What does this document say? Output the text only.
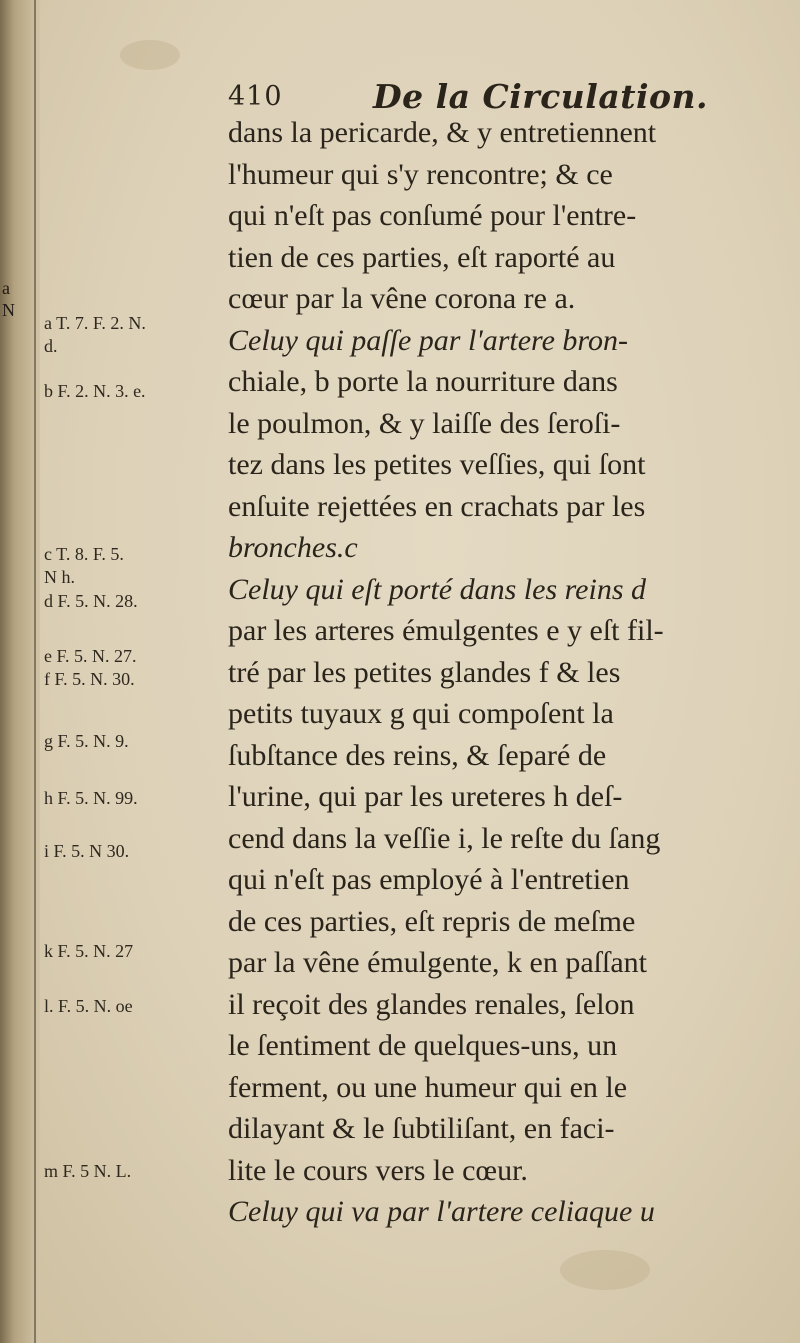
a
N
410	De la Circulation.
dans la pericarde, & y entretiennent
l'humeur qui s'y rencontre; & ce
qui n'eſt pas conſumé pour l'entre-
tien de ces parties, eſt raporté au
cœur par la vêne corona re a.
Celuy qui paſſe par l'artere bron-
chiale, b porte la nourriture dans
le poulmon, & y laiſſe des ſeroſi-
tez dans les petites veſſies, qui ſont
enſuite rejettées en crachats par les
bronches.c
Celuy qui eſt porté dans les reins d
par les arteres émulgentes e y eſt fil-
tré par les petites glandes f & les
petits tuyaux g qui compoſent la
ſubſtance des reins, & ſeparé de
l'urine, qui par les ureteres h deſ-
cend dans la veſſie i, le reſte du ſang
qui n'eſt pas employé à l'entretien
de ces parties, eſt repris de meſme
par la vêne émulgente, k en paſſant
il reçoit des glandes renales, ſelon
le ſentiment de quelques-uns, un
ferment, ou une humeur qui en le
dilayant & le ſubtiliſant, en faci-
lite le cours vers le cœur.
Celuy qui va par l'artere celiaque u
a T. 7. F. 2. N.
d.
b F. 2. N. 3. e.
c T. 8. F. 5.
N h.
d F. 5. N. 28.
e F. 5. N. 27.
f F. 5. N. 30.
g F. 5. N. 9.
h F. 5. N. 99.
i F. 5. N 30.
k F. 5. N. 27
l. F. 5. N. oe
m F. 5 N. L.
